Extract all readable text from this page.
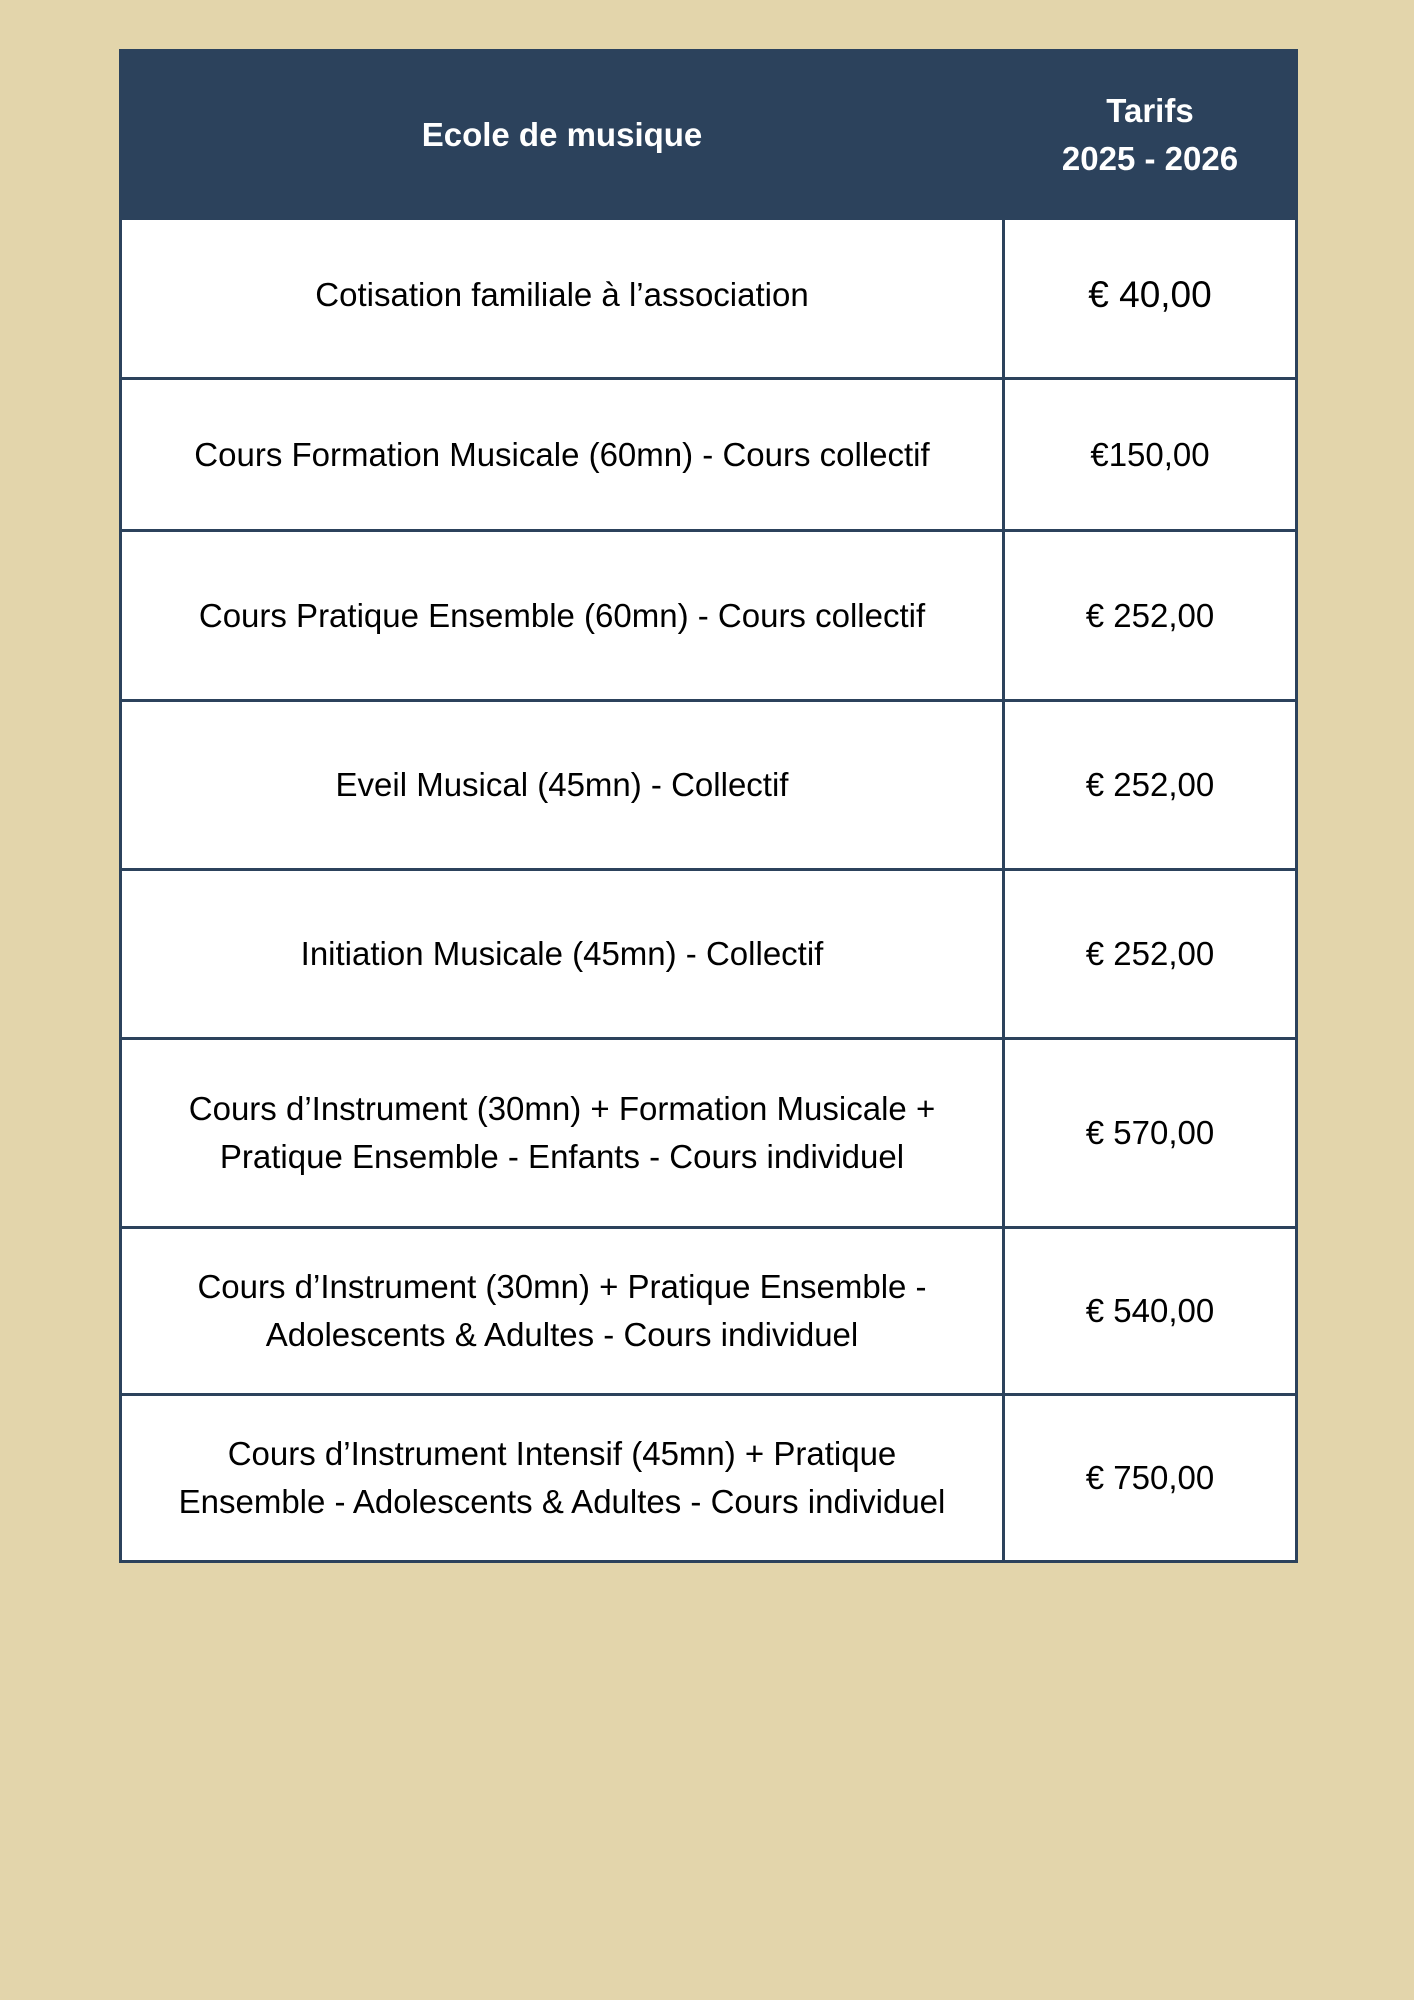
Ecole de musique	Tarifs
2025 - 2026

Cotisation familiale à l’association	€ 40,00

Cours Formation Musicale (60mn) - Cours collectif	€150,00

Cours Pratique Ensemble (60mn) - Cours collectif	€ 252,00

Eveil Musical (45mn) - Collectif	€ 252,00

Initiation Musicale (45mn) - Collectif	€ 252,00

Cours d’Instrument (30mn) + Formation Musicale +
Pratique Ensemble - Enfants - Cours individuel	€ 570,00

Cours d’Instrument (30mn) + Pratique Ensemble -
Adolescents & Adultes - Cours individuel	€ 540,00

Cours d’Instrument Intensif (45mn) + Pratique
Ensemble - Adolescents & Adultes - Cours individuel	€ 750,00
